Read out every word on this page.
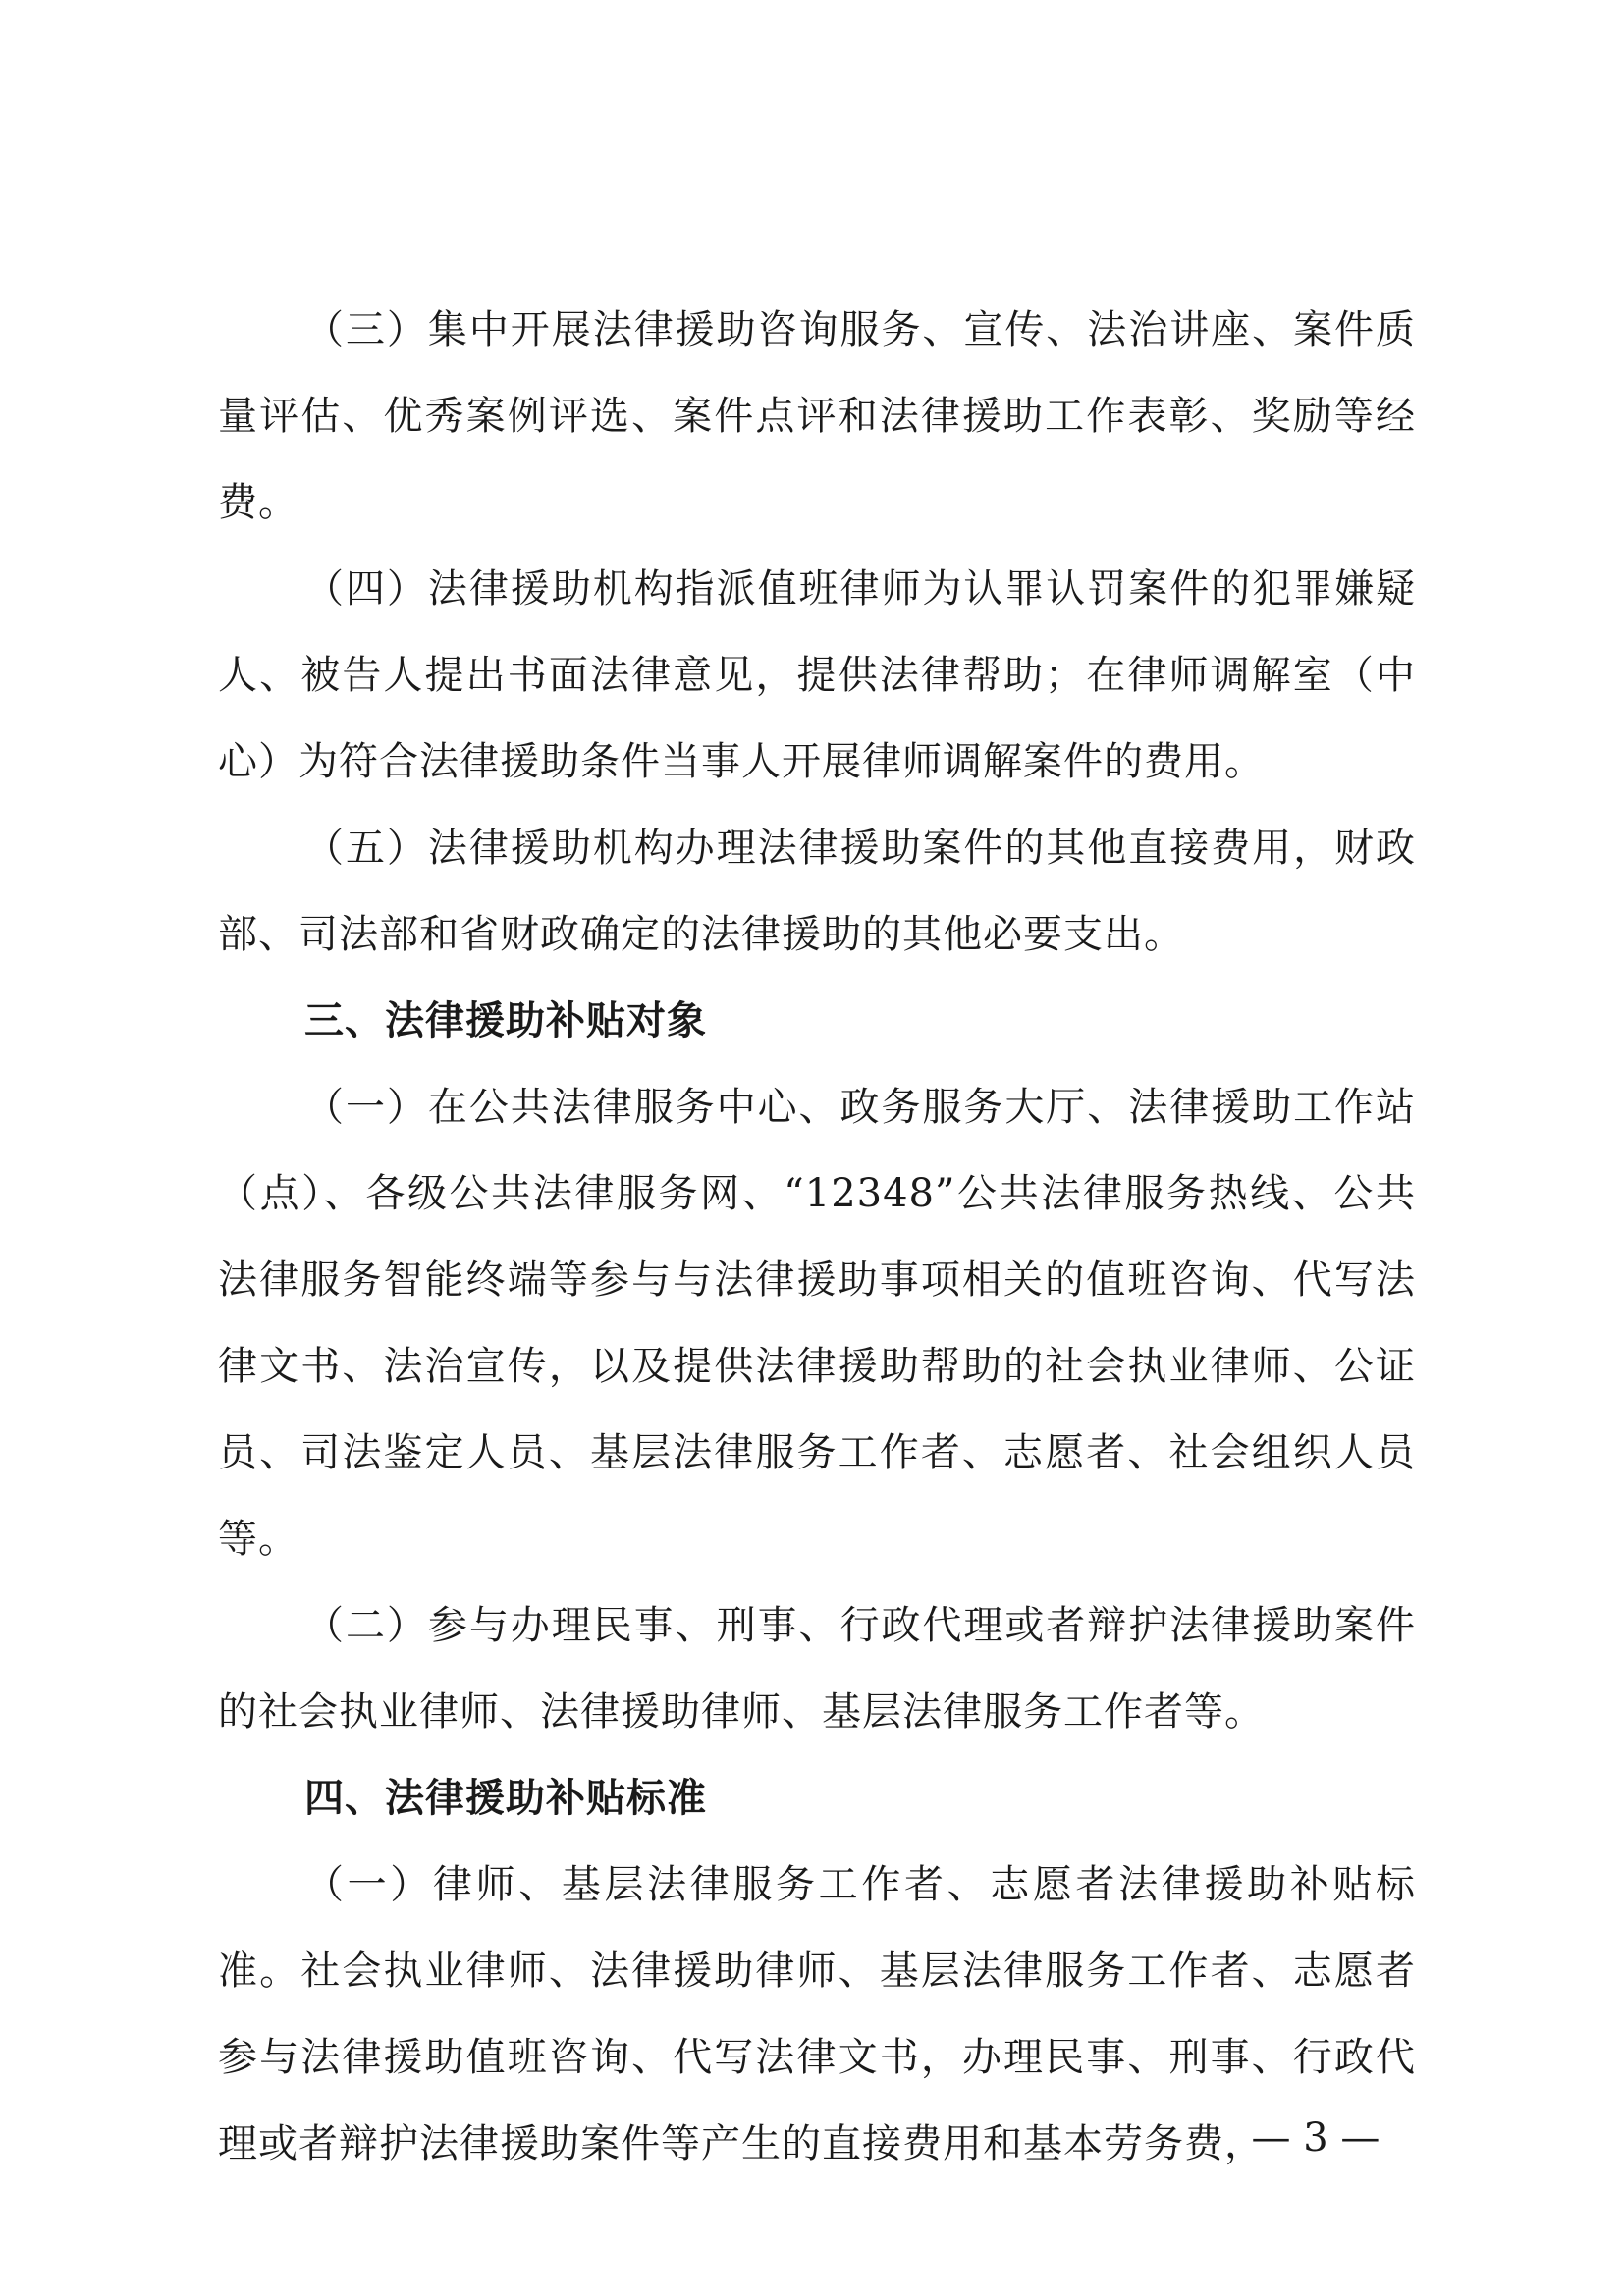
（三）集中开展法律援助咨询服务、宣传、法治讲座、案件质量评估、优秀案例评选、案件点评和法律援助工作表彰、奖励等经费。

（四）法律援助机构指派值班律师为认罪认罚案件的犯罪嫌疑人、被告人提出书面法律意见，提供法律帮助；在律师调解室（中心）为符合法律援助条件当事人开展律师调解案件的费用。

（五）法律援助机构办理法律援助案件的其他直接费用，财政部、司法部和省财政确定的法律援助的其他必要支出。

三、法律援助补贴对象

（一）在公共法律服务中心、政务服务大厅、法律援助工作站（点）、各级公共法律服务网、“12348”公共法律服务热线、公共法律服务智能终端等参与与法律援助事项相关的值班咨询、代写法律文书、法治宣传，以及提供法律援助帮助的社会执业律师、公证员、司法鉴定人员、基层法律服务工作者、志愿者、社会组织人员等。

（二）参与办理民事、刑事、行政代理或者辩护法律援助案件的社会执业律师、法律援助律师、基层法律服务工作者等。

四、法律援助补贴标准

（一）律师、基层法律服务工作者、志愿者法律援助补贴标准。社会执业律师、法律援助律师、基层法律服务工作者、志愿者参与法律援助值班咨询、代写法律文书，办理民事、刑事、行政代理或者辩护法律援助案件等产生的直接费用和基本劳务费，

— 3 —
